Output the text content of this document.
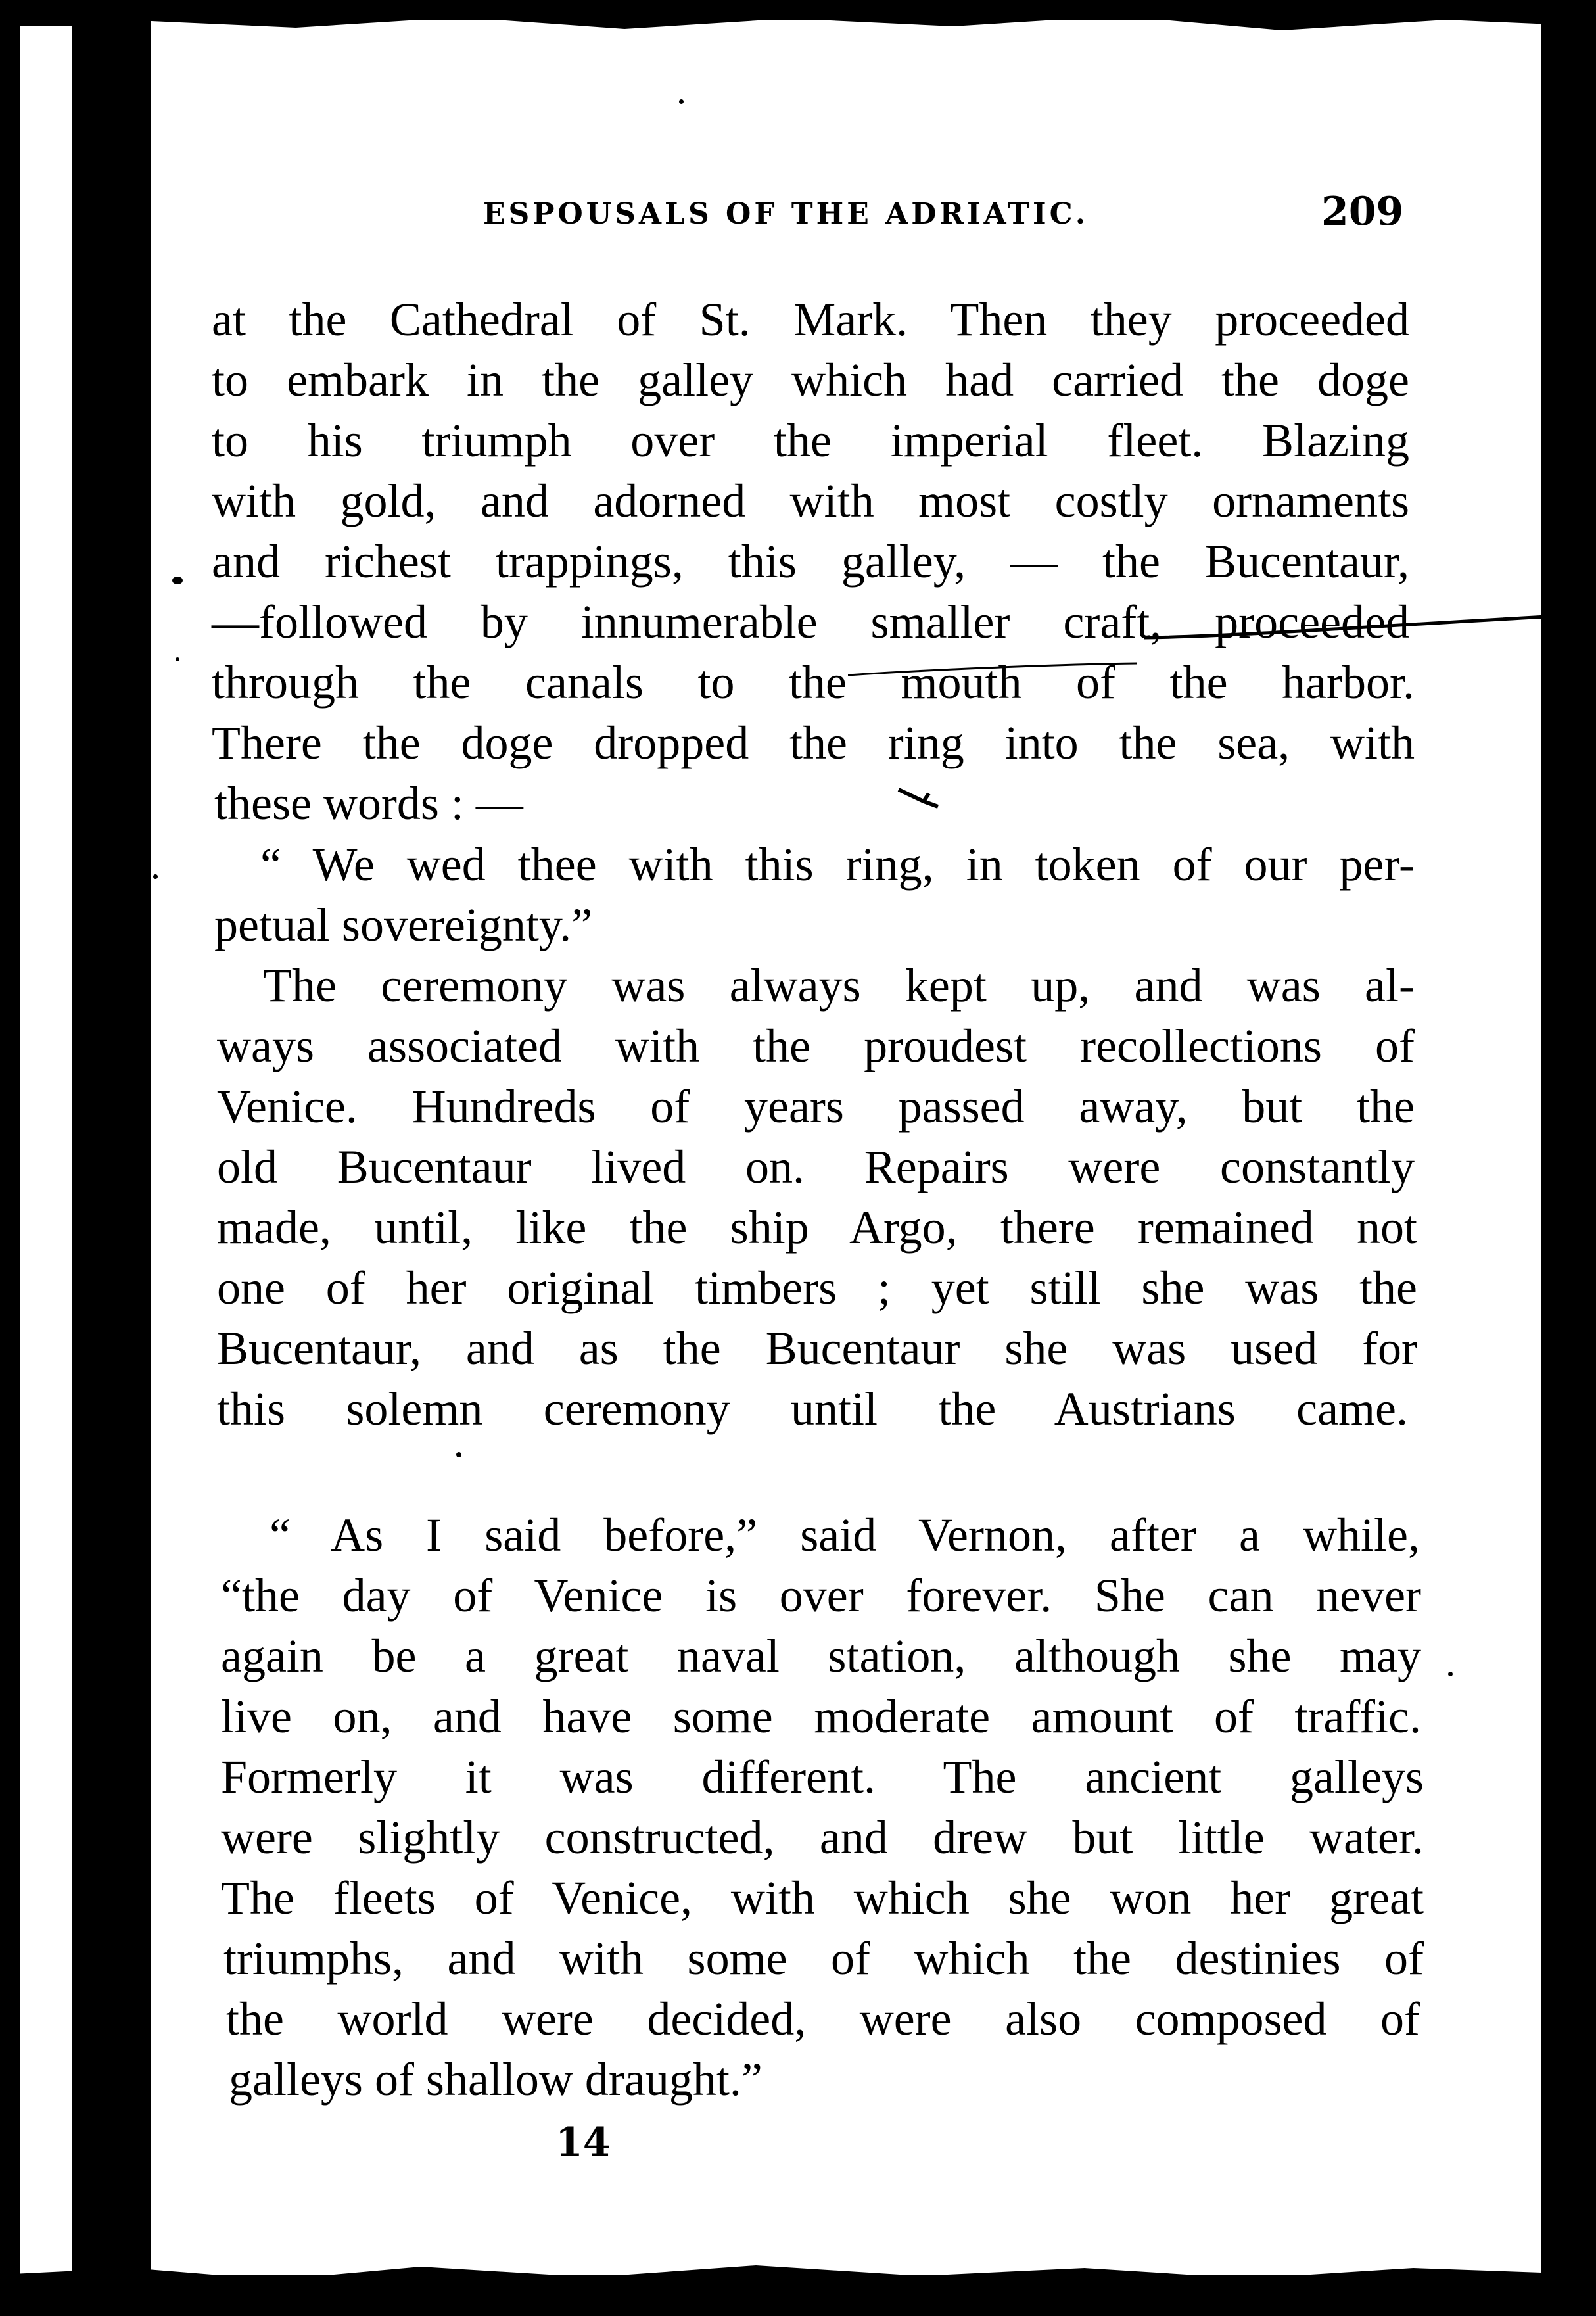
ESPOUSALS OF THE ADRIATIC.	209
at the Cathedral of St. Mark. Then they proceeded
to embark in the galley which had carried the doge
to his triumph over the imperial fleet. Blazing
with gold, and adorned with most costly ornaments
and richest trappings, this galley, — the Bucentaur,
—followed by innumerable smaller craft, proceeded
through the canals to the mouth of the harbor.
There the doge dropped the ring into the sea, with
these words : —
“ We wed thee with this ring, in token of our per-
petual sovereignty.”
The ceremony was always kept up, and was al-
ways associated with the proudest recollections of
Venice. Hundreds of years passed away, but the
old Bucentaur lived on. Repairs were constantly
made, until, like the ship Argo, there remained not
one of her original timbers ; yet still she was the
Bucentaur, and as the Bucentaur she was used for
this solemn ceremony until the Austrians came.
“ As I said before,” said Vernon, after a while,
“the day of Venice is over forever. She can never
again be a great naval station, although she may
live on, and have some moderate amount of traffic.
Formerly it was different. The ancient galleys
were slightly constructed, and drew but little water.
The fleets of Venice, with which she won her great
triumphs, and with some of which the destinies of
the world were decided, were also composed of
galleys of shallow draught.”
14
